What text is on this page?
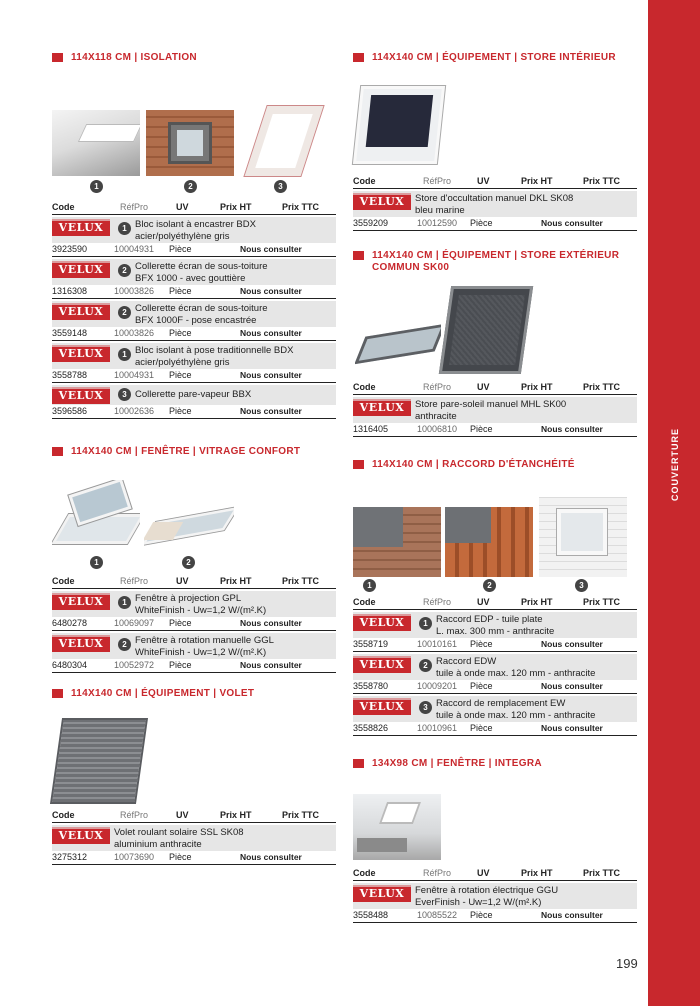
COUVERTURE
199
114X118 CM | ISOLATION
1	2	3
Code	RéfPro	UV	Prix HT	Prix TTC
VELUX	1 Bloc isolant à encastrer BDX
acier/polyéthylène gris
3923590	10004931 Pièce	Nous consulter
VELUX	2 Collerette écran de sous-toiture
BFX 1000 - avec gouttière
1316308	10003826 Pièce	Nous consulter
VELUX	2 Collerette écran de sous-toiture
BFX 1000F - pose encastrée
3559148	10003826 Pièce	Nous consulter
VELUX	1 Bloc isolant à pose traditionnelle BDX
acier/polyéthylène gris
3558788	10004931 Pièce	Nous consulter
VELUX	3 Collerette pare-vapeur BBX
3596586	10002636 Pièce	Nous consulter
114X140 CM | FENÊTRE | VITRAGE CONFORT
1	2
Code	RéfPro	UV	Prix HT	Prix TTC
VELUX	1 Fenêtre à projection GPL
WhiteFinish - Uw=1,2 W/(m².K)
6480278	10069097 Pièce	Nous consulter
VELUX	2 Fenêtre à rotation manuelle GGL
WhiteFinish - Uw=1,2 W/(m².K)
6480304	10052972 Pièce	Nous consulter
114X140 CM | ÉQUIPEMENT | VOLET
Code	RéfPro	UV	Prix HT	Prix TTC
VELUX	Volet roulant solaire SSL SK08
aluminium anthracite
3275312	10073690 Pièce	Nous consulter
114X140 CM | ÉQUIPEMENT | STORE INTÉRIEUR
Code	RéfPro	UV	Prix HT	Prix TTC
VELUX	Store d'occultation manuel DKL SK08
bleu marine
3559209	10012590 Pièce	Nous consulter
114X140 CM | ÉQUIPEMENT | STORE EXTÉRIEUR
COMMUN SK00
Code	RéfPro	UV	Prix HT	Prix TTC
VELUX	Store pare-soleil manuel MHL SK00
anthracite
1316405	10006810 Pièce	Nous consulter
114X140 CM | RACCORD D'ÉTANCHÉITÉ
1	2	3
Code	RéfPro	UV	Prix HT	Prix TTC
VELUX	1 Raccord EDP - tuile plate
L. max. 300 mm - anthracite
3558719	10010161 Pièce	Nous consulter
VELUX	2 Raccord EDW
tuile à onde max. 120 mm - anthracite
3558780	10009201 Pièce	Nous consulter
VELUX	3 Raccord de remplacement EW
tuile à onde max. 120 mm - anthracite
3558826	10010961 Pièce	Nous consulter
134X98 CM | FENÊTRE | INTEGRA
Code	RéfPro	UV	Prix HT	Prix TTC
VELUX	Fenêtre à rotation électrique GGU
EverFinish - Uw=1,2 W/(m².K)
3558488	10085522 Pièce	Nous consulter
